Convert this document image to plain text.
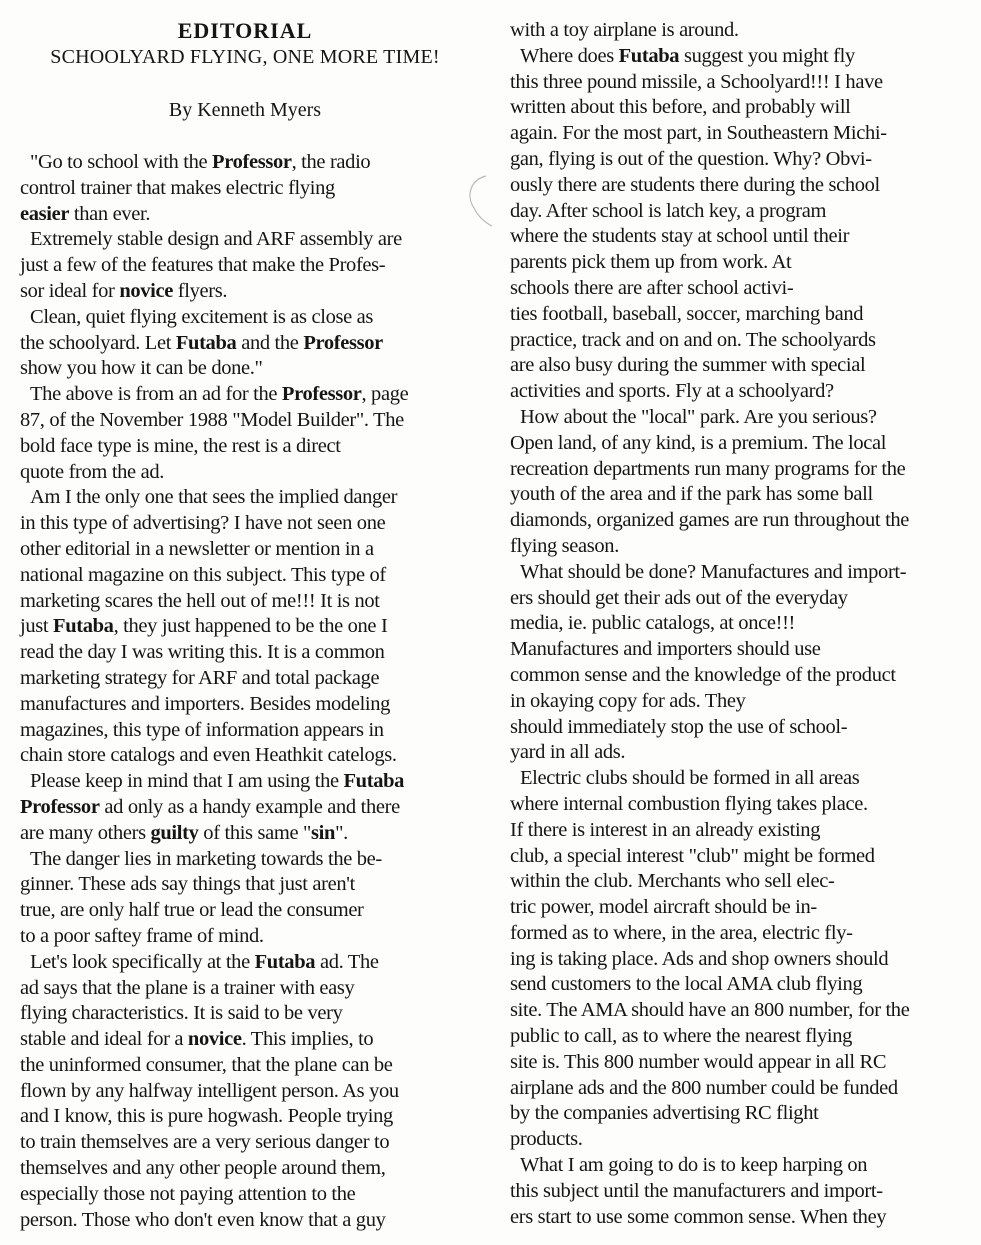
EDITORIAL
SCHOOLYARD FLYING, ONE MORE TIME!
By Kenneth Myers
"Go to school with the Professor, the radio
control trainer that makes electric flying
easier than ever.
Extremely stable design and ARF assembly are
just a few of the features that make the Profes-
sor ideal for novice flyers.
Clean, quiet flying excitement is as close as
the schoolyard. Let Futaba and the Professor
show you how it can be done."
The above is from an ad for the Professor, page
87, of the November 1988 "Model Builder". The
bold face type is mine, the rest is a direct
quote from the ad.
Am I the only one that sees the implied danger
in this type of advertising? I have not seen one
other editorial in a newsletter or mention in a
national magazine on this subject. This type of
marketing scares the hell out of me!!! It is not
just Futaba, they just happened to be the one I
read the day I was writing this. It is a common
marketing strategy for ARF and total package
manufactures and importers. Besides modeling
magazines, this type of information appears in
chain store catalogs and even Heathkit catelogs.
Please keep in mind that I am using the Futaba
Professor ad only as a handy example and there
are many others guilty of this same "sin".
The danger lies in marketing towards the be-
ginner. These ads say things that just aren't
true, are only half true or lead the consumer
to a poor saftey frame of mind.
Let's look specifically at the Futaba ad. The
ad says that the plane is a trainer with easy
flying characteristics. It is said to be very
stable and ideal for a novice. This implies, to
the uninformed consumer, that the plane can be
flown by any halfway intelligent person. As you
and I know, this is pure hogwash. People trying
to train themselves are a very serious danger to
themselves and any other people around them,
especially those not paying attention to the
person. Those who don't even know that a guy
with a toy airplane is around.
Where does Futaba suggest you might fly
this three pound missile, a Schoolyard!!! I have
written about this before, and probably will
again. For the most part, in Southeastern Michi-
gan, flying is out of the question. Why? Obvi-
ously there are students there during the school
day. After school is latch key, a program
where the students stay at school until their
parents pick them up from work. At
schools there are after school activi-
ties football, baseball, soccer, marching band
practice, track and on and on. The schoolyards
are also busy during the summer with special
activities and sports. Fly at a schoolyard?
How about the "local" park. Are you serious?
Open land, of any kind, is a premium. The local
recreation departments run many programs for the
youth of the area and if the park has some ball
diamonds, organized games are run throughout the
flying season.
What should be done? Manufactures and import-
ers should get their ads out of the everyday
media, ie. public catalogs, at once!!!
Manufactures and importers should use
common sense and the knowledge of the product
in okaying copy for ads. They
should immediately stop the use of school-
yard in all ads.
Electric clubs should be formed in all areas
where internal combustion flying takes place.
If there is interest in an already existing
club, a special interest "club" might be formed
within the club. Merchants who sell elec-
tric power, model aircraft should be in-
formed as to where, in the area, electric fly-
ing is taking place. Ads and shop owners should
send customers to the local AMA club flying
site. The AMA should have an 800 number, for the
public to call, as to where the nearest flying
site is. This 800 number would appear in all RC
airplane ads and the 800 number could be funded
by the companies advertising RC flight
products.
What I am going to do is to keep harping on
this subject until the manufacturers and import-
ers start to use some common sense. When they
